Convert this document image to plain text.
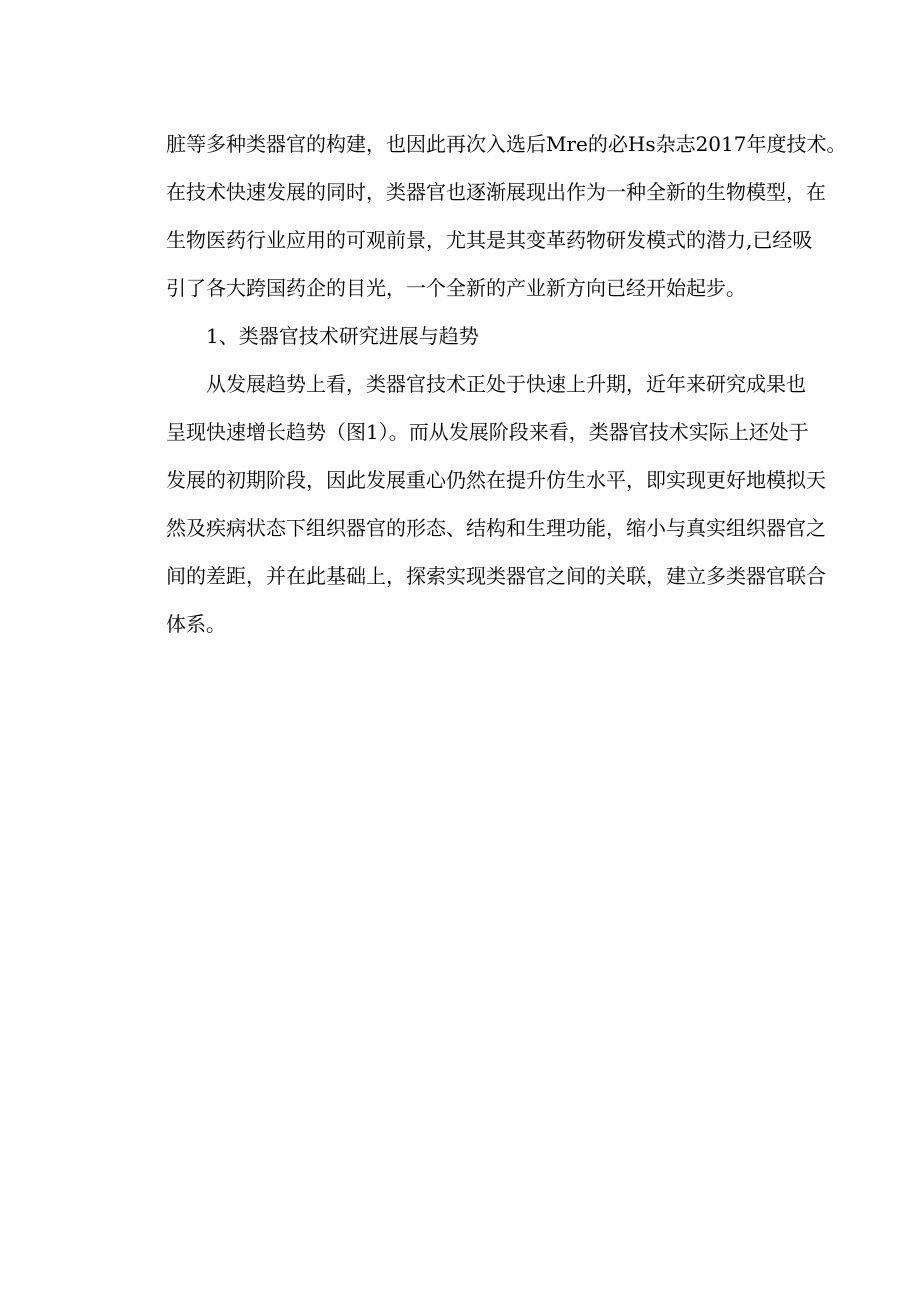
脏等多种类器官的构建，也因此再次入选后Mre的必Hs杂志2017年度技术。
在技术快速发展的同时，类器官也逐渐展现出作为一种全新的生物模型，在
生物医药行业应用的可观前景，尤其是其变革药物研发模式的潜力,已经吸
引了各大跨国药企的目光，一个全新的产业新方向已经开始起步。
1、类器官技术研究进展与趋势
从发展趋势上看，类器官技术正处于快速上升期，近年来研究成果也
呈现快速增长趋势（图1）。而从发展阶段来看，类器官技术实际上还处于
发展的初期阶段，因此发展重心仍然在提升仿生水平，即实现更好地模拟天
然及疾病状态下组织器官的形态、结构和生理功能，缩小与真实组织器官之
间的差距，并在此基础上，探索实现类器官之间的关联，建立多类器官联合
体系。
